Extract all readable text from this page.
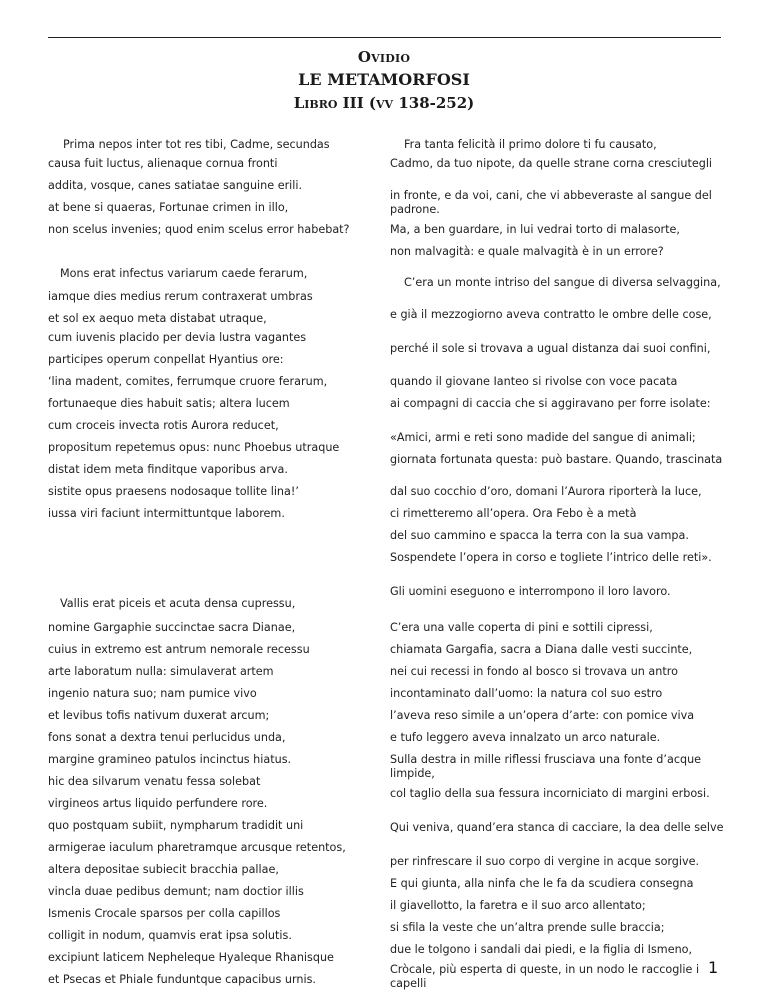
Ovidio
LE METAMORFOSI
Libro III (vv 138-252)
Prima nepos inter tot res tibi, Cadme, secundas
causa fuit luctus, alienaque cornua fronti
addita, vosque, canes satiatae sanguine erili.
at bene si quaeras, Fortunae crimen in illo,
non scelus invenies; quod enim scelus error habebat?
Mons erat infectus variarum caede ferarum,
iamque dies medius rerum contraxerat umbras
et sol ex aequo meta distabat utraque,
cum iuvenis placido per devia lustra vagantes
participes operum conpellat Hyantius ore:
‘lina madent, comites, ferrumque cruore ferarum,
fortunaeque dies habuit satis; altera lucem
cum croceis invecta rotis Aurora reducet,
propositum repetemus opus: nunc Phoebus utraque
distat idem meta finditque vaporibus arva.
sistite opus praesens nodosaque tollite lina!’
iussa viri faciunt intermittuntque laborem.
Vallis erat piceis et acuta densa cupressu,
nomine Gargaphie succinctae sacra Dianae,
cuius in extremo est antrum nemorale recessu
arte laboratum nulla: simulaverat artem
ingenio natura suo; nam pumice vivo
et levibus tofis nativum duxerat arcum;
fons sonat a dextra tenui perlucidus unda,
margine gramineo patulos incinctus hiatus.
hic dea silvarum venatu fessa solebat
virgineos artus liquido perfundere rore.
quo postquam subiit, nympharum tradidit uni
armigerae iaculum pharetramque arcusque retentos,
altera depositae subiecit bracchia pallae,
vincla duae pedibus demunt; nam doctior illis
Ismenis Crocale sparsos per colla capillos
colligit in nodum, quamvis erat ipsa solutis.
excipiunt laticem Nepheleque Hyaleque Rhanisque
et Psecas et Phiale funduntque capacibus urnis.
Fra tanta felicità il primo dolore ti fu causato,
Cadmo, da tuo nipote, da quelle strane corna cresciutegli
in fronte, e da voi, cani, che vi abbeveraste al sangue del padrone.
Ma, a ben guardare, in lui vedrai torto di malasorte,
non malvagità: e quale malvagità è in un errore?
C’era un monte intriso del sangue di diversa selvaggina,
e già il mezzogiorno aveva contratto le ombre delle cose,
perché il sole si trovava a ugual distanza dai suoi confini,
quando il giovane Ianteo si rivolse con voce pacata
ai compagni di caccia che si aggiravano per forre isolate:
«Amici, armi e reti sono madide del sangue di animali;
giornata fortunata questa: può bastare. Quando, trascinata
dal suo cocchio d’oro, domani l’Aurora riporterà la luce,
ci rimetteremo all’opera. Ora Febo è a metà
del suo cammino e spacca la terra con la sua vampa.
Sospendete l’opera in corso e togliete l’intrico delle reti».
Gli uomini eseguono e interrompono il loro lavoro.
C’era una valle coperta di pini e sottili cipressi,
chiamata Gargafia, sacra a Diana dalle vesti succinte,
nei cui recessi in fondo al bosco si trovava un antro
incontaminato dall’uomo: la natura col suo estro
l’aveva reso simile a un’opera d’arte: con pomice viva
e tufo leggero aveva innalzato un arco naturale.
Sulla destra in mille riflessi frusciava una fonte d’acque limpide,
col taglio della sua fessura incorniciato di margini erbosi.
Qui veniva, quand’era stanca di cacciare, la dea delle selve
per rinfrescare il suo corpo di vergine in acque sorgive.
E qui giunta, alla ninfa che le fa da scudiera consegna
il giavellotto, la faretra e il suo arco allentato;
si sfila la veste che un’altra prende sulle braccia;
due le tolgono i sandali dai piedi, e la figlia di Ismeno,
Cròcale, più esperta di queste, in un nodo le raccoglie i capelli
1
